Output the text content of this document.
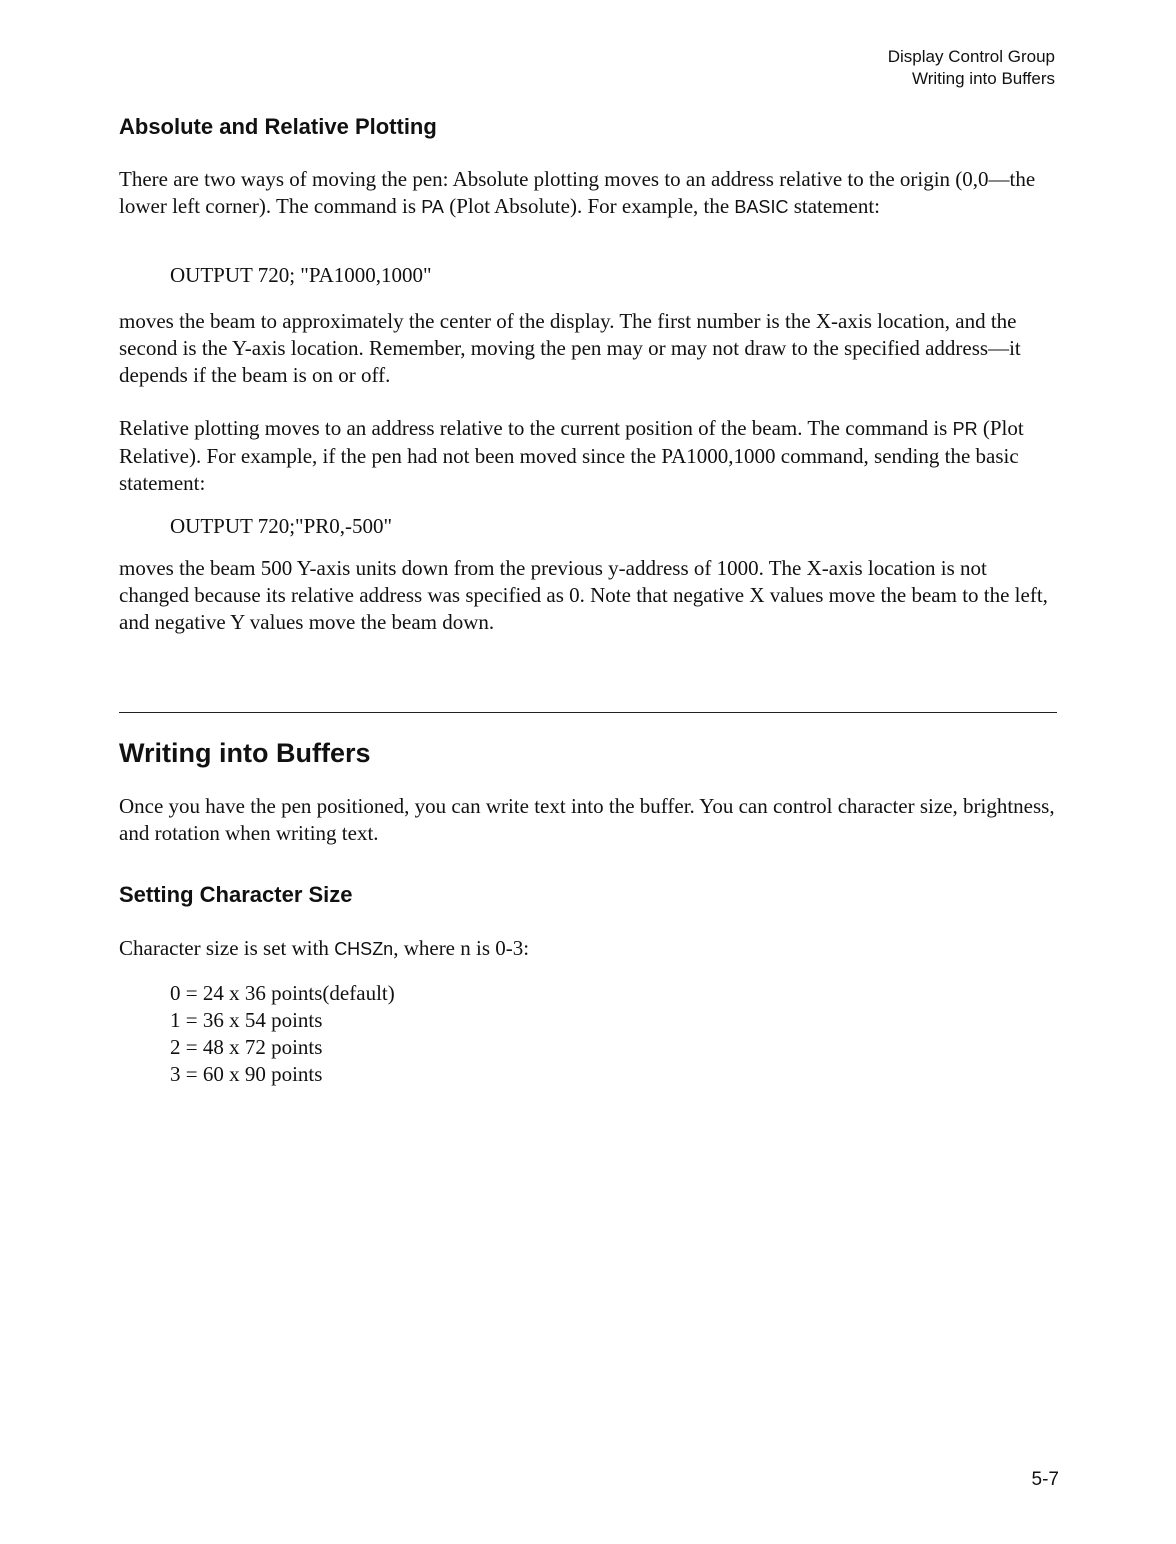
Display Control Group
Writing into Buffers
Absolute and Relative Plotting

There are two ways of moving the pen: Absolute plotting moves to an address relative to the origin (0,0—the lower left corner). The command is PA (Plot Absolute). For example, the BASIC statement:

OUTPUT 720; "PA1000,1000"

moves the beam to approximately the center of the display. The first number is the X-axis location, and the second is the Y-axis location. Remember, moving the pen may or may not draw to the specified address—it depends if the beam is on or off.

Relative plotting moves to an address relative to the current position of the beam. The command is PR (Plot Relative). For example, if the pen had not been moved since the PA1000,1000 command, sending the basic statement:

OUTPUT 720;"PR0,-500"

moves the beam 500 Y-axis units down from the previous y-address of 1000. The X-axis location is not changed because its relative address was specified as 0. Note that negative X values move the beam to the left, and negative Y values move the beam down.

Writing into Buffers

Once you have the pen positioned, you can write text into the buffer. You can control character size, brightness, and rotation when writing text.

Setting Character Size

Character size is set with CHSZn, where n is 0-3:

0 = 24 x 36 points(default)
1 = 36 x 54 points
2 = 48 x 72 points
3 = 60 x 90 points
5-7
